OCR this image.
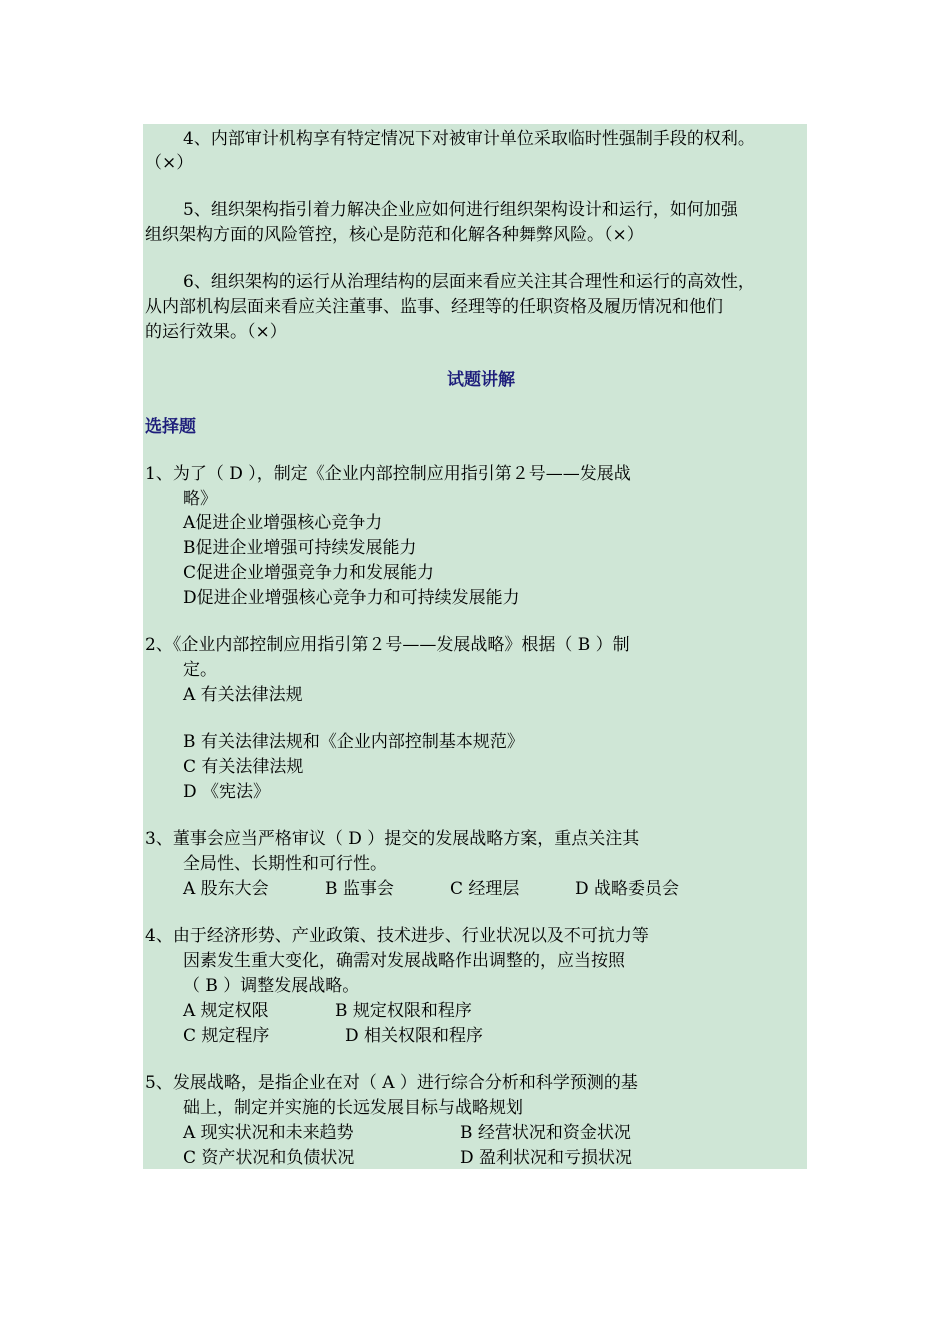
4、内部审计机构享有特定情况下对被审计单位采取临时性强制手段的权利。
（×）
5、组织架构指引着力解决企业应如何进行组织架构设计和运行，如何加强
组织架构方面的风险管控，核心是防范和化解各种舞弊风险。（×）
6、组织架构的运行从治理结构的层面来看应关注其合理性和运行的高效性，
从内部机构层面来看应关注董事、监事、经理等的任职资格及履历情况和他们
的运行效果。（×）
试题讲解
选择题
1、为了（ D ），制定《企业内部控制应用指引第２号——发展战
略》
A促进企业增强核心竞争力
B促进企业增强可持续发展能力
C促进企业增强竞争力和发展能力
D促进企业增强核心竞争力和可持续发展能力
2、《企业内部控制应用指引第２号——发展战略》根据（ B ）制
定。
A 有关法律法规
B 有关法律法规和《企业内部控制基本规范》
C 有关法律法规
D 《宪法》
3、董事会应当严格审议（ D ）提交的发展战略方案，重点关注其
全局性、长期性和可行性。
A 股东大会	B 监事会	C 经理层	D 战略委员会
4、由于经济形势、产业政策、技术进步、行业状况以及不可抗力等
因素发生重大变化，确需对发展战略作出调整的，应当按照
（ B ）调整发展战略。
A 规定权限	B 规定权限和程序
C 规定程序	D 相关权限和程序
5、发展战略，是指企业在对（ A ）进行综合分析和科学预测的基
础上，制定并实施的长远发展目标与战略规划
A 现实状况和未来趋势	B 经营状况和资金状况
C 资产状况和负债状况	D 盈利状况和亏损状况
